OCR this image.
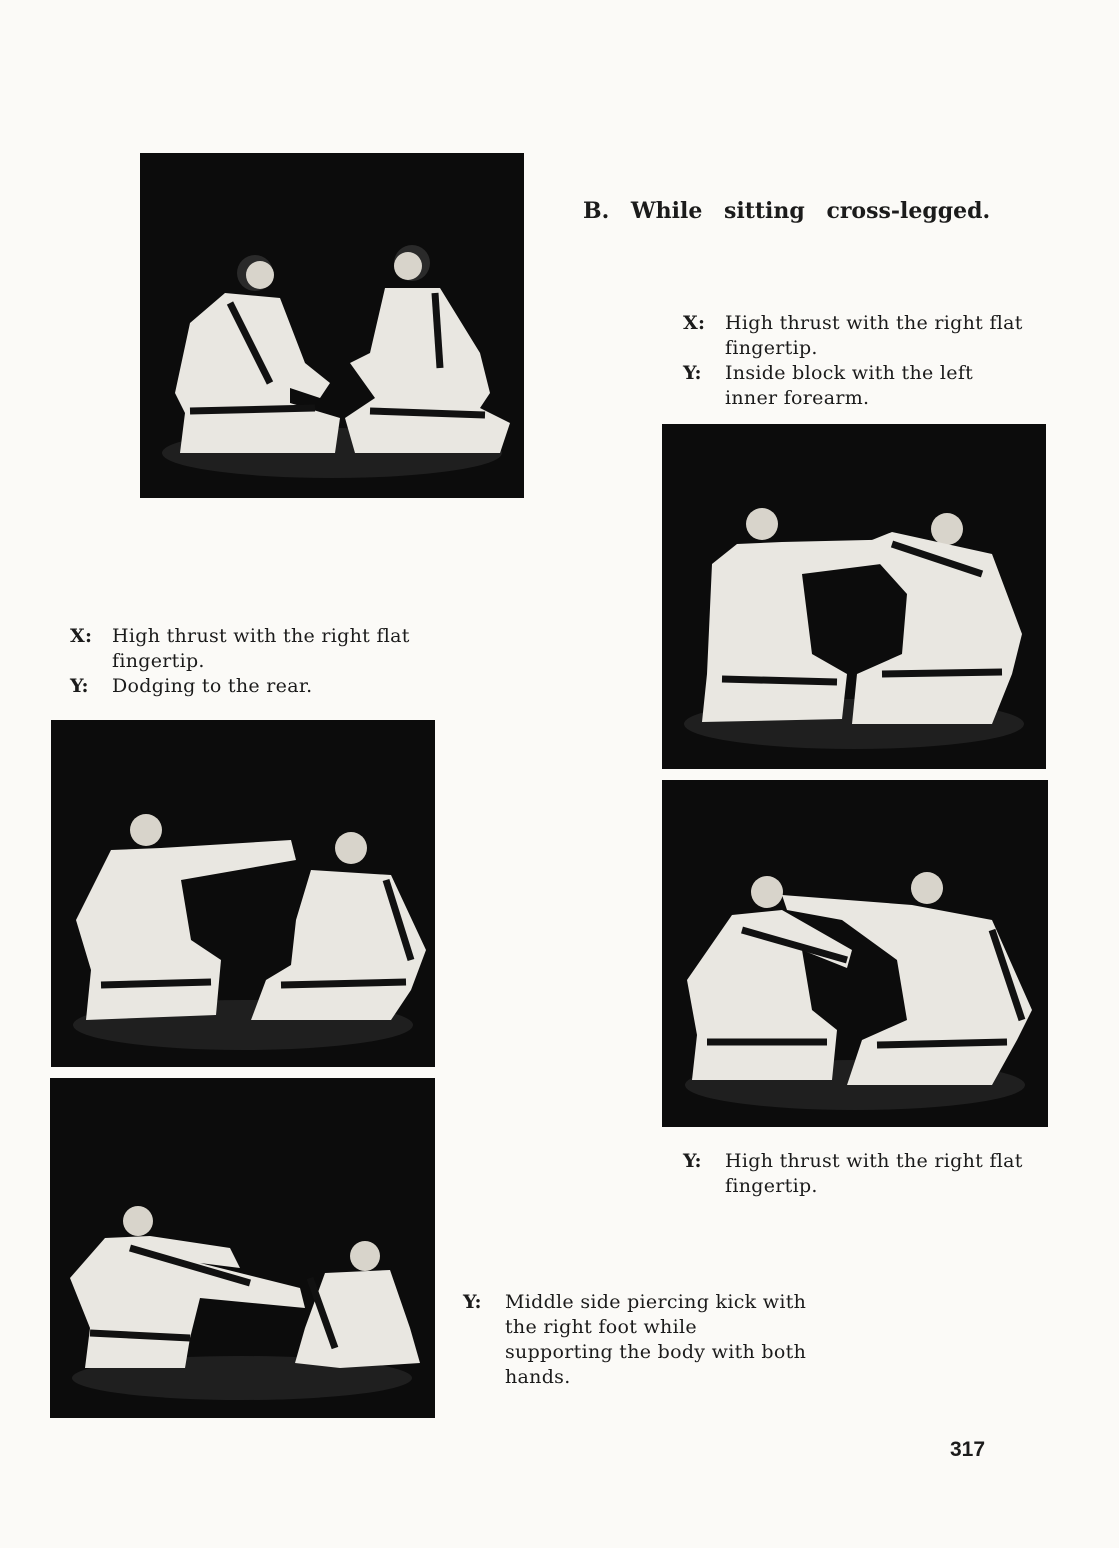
B. While sitting cross-legged.
X:	High thrust with the right flat fingertip.
Y:	Inside block with the left inner forearm.
X:	High thrust with the right flat fingertip.
Y:	Dodging to the rear.
Y:	High thrust with the right flat fingertip.
Y:	Middle side piercing kick with the right foot while supporting the body with both hands.
317
